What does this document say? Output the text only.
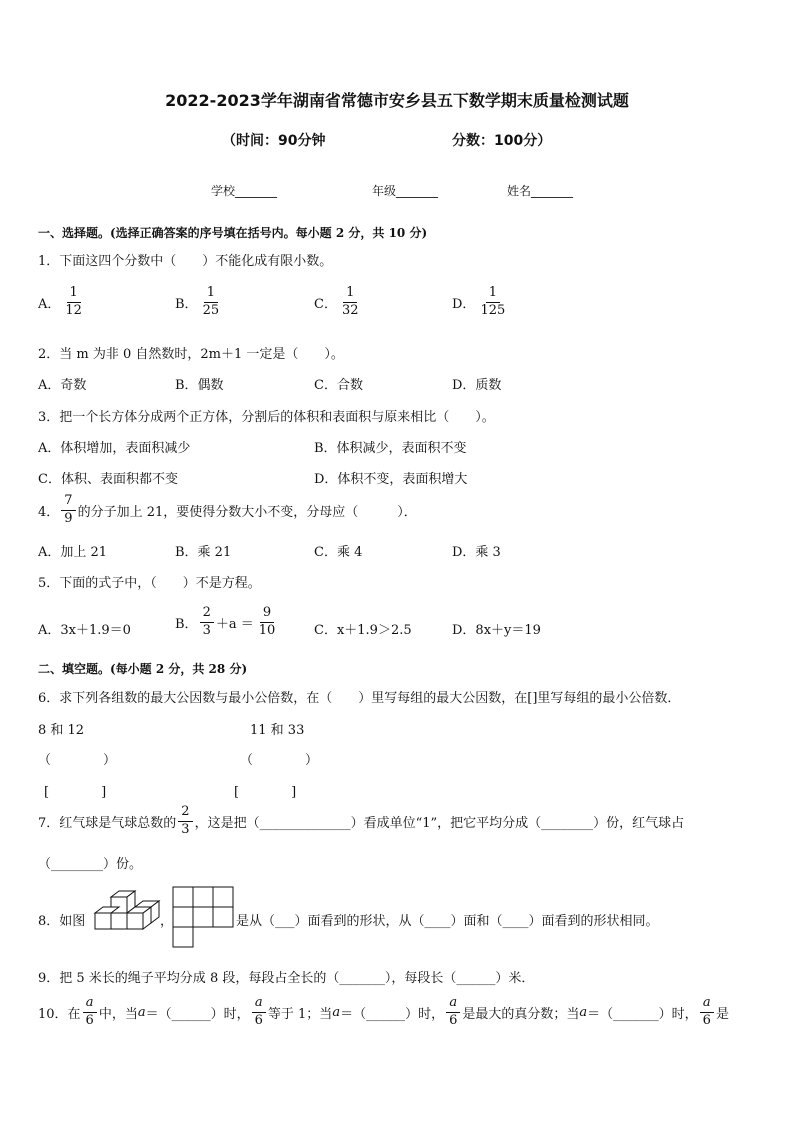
2022-2023学年湖南省常德市安乡县五下数学期末质量检测试题
（时间：90分钟	分数：100分）
学校_______	年级_______	姓名_______
一、选择题。(选择正确答案的序号填在括号内。每小题 2 分，共 10 分)
1．下面这四个分数中（　　）不能化成有限小数。
A． $\frac{1}{12}$	B． $\frac{1}{25}$	C． $\frac{1}{32}$	D． $\frac{1}{125}$
2．当 m 为非 0 自然数时，2m＋1 一定是（　　）。
A．奇数	B．偶数	C．合数	D．质数
3．把一个长方体分成两个正方体，分割后的体积和表面积与原来相比（　　）。
A．体积增加，表面积减少	B．体积减少，表面积不变
C．体积、表面积都不变	D．体积不变，表面积增大
4． $\frac{7}{9}$ 的分子加上 21，要使得分数大小不变，分母应（　　　）．
A．加上 21	B．乘 21	C．乘 4	D．乘 3
5．下面的式子中，（　　）不是方程。
A．3x＋1.9＝0	B． $\frac{2}{3} +a = \frac{9}{10}$	C．x＋1.9＞2.5	D．8x＋y＝19
二、填空题。(每小题 2 分，共 28 分)
6．求下列各组数的最大公因数与最小公倍数，在（　　）里写每组的最大公因数，在[]里写每组的最小公倍数．
8 和 12	11 和 33
（　　　　）	（　　　　）
[　　　　]	[　　　　]
7．红气球是气球总数的 $\frac{2}{3}$ ，这是把（______________）看成单位“1”，把它平均分成（________）份，红气球占
（________）份。
8．如图	，	是从（___）面看到的形状，从（____）面和（____）面看到的形状相同。
9．把 5 米长的绳子平均分成 8 段，每段占全长的（_______），每段长（______）米．
10．在 $\frac{a}{6}$ 中，当 a ＝（______）时， $\frac{a}{6}$ 等于 1；当 a ＝（______）时， $\frac{a}{6}$ 是最大的真分数；当 a ＝（_______）时， $\frac{a}{6}$ 是
